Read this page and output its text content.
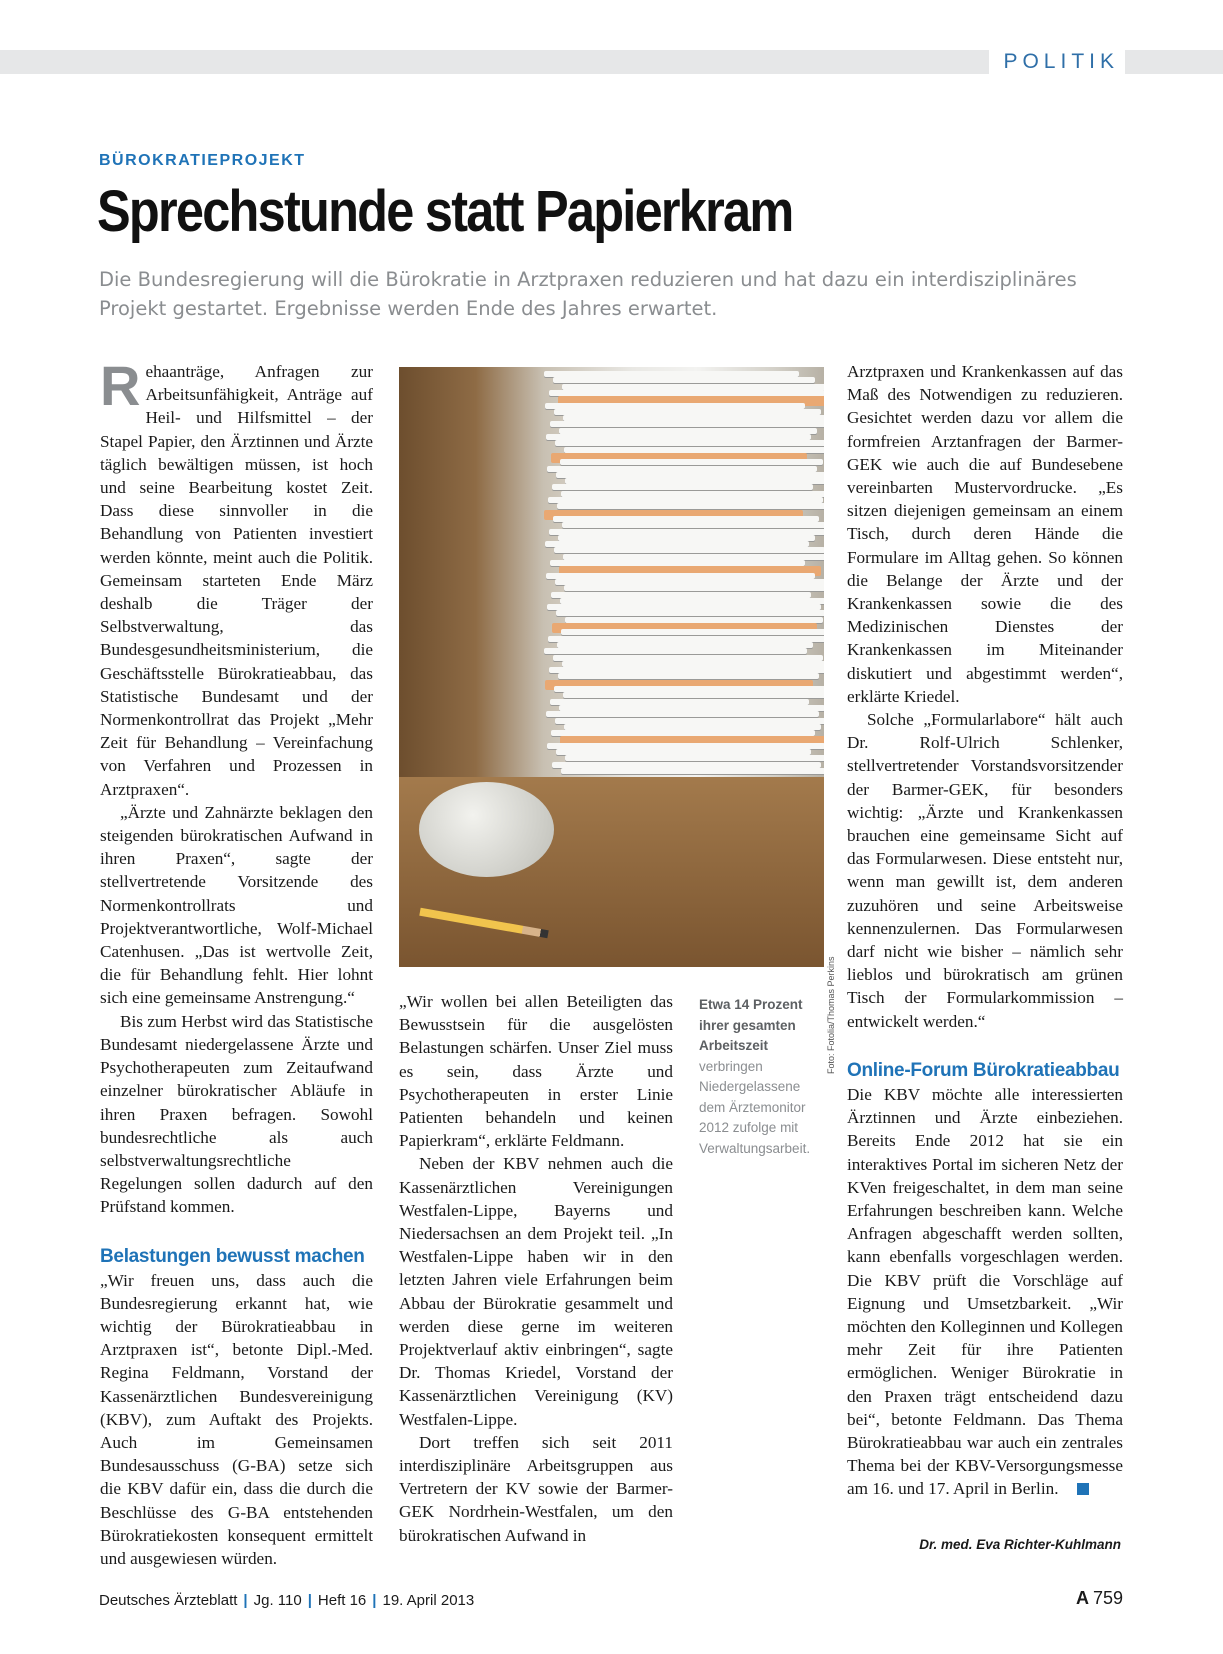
POLITIK
BÜROKRATIEPROJEKT
Sprechstunde statt Papierkram

Die Bundesregierung will die Bürokratie in Arztpraxen reduzieren und hat dazu ein interdisziplinäres Projekt gestartet. Ergebnisse werden Ende des Jahres erwartet.

Rehaanträge, Anfragen zur Arbeitsunfähigkeit, Anträge auf Heil- und Hilfsmittel – der Stapel Papier, den Ärztinnen und Ärzte täglich bewältigen müssen, ist hoch und seine Bearbeitung kostet Zeit. Dass diese sinnvoller in die Behandlung von Patienten investiert werden könnte, meint auch die Politik. Gemeinsam starteten Ende März deshalb die Träger der Selbstverwaltung, das Bundesgesundheitsministerium, die Geschäftsstelle Bürokratieabbau, das Statistische Bundesamt und der Normenkontrollrat das Projekt „Mehr Zeit für Behandlung – Vereinfachung von Verfahren und Prozessen in Arztpraxen“.

„Ärzte und Zahnärzte beklagen den steigenden bürokratischen Aufwand in ihren Praxen“, sagte der stellvertretende Vorsitzende des Normenkontrollrats und Projektverantwortliche, Wolf-Michael Catenhusen. „Das ist wertvolle Zeit, die für Behandlung fehlt. Hier lohnt sich eine gemeinsame Anstrengung.“

Bis zum Herbst wird das Statistische Bundesamt niedergelassene Ärzte und Psychotherapeuten zum Zeitaufwand einzelner bürokratischer Abläufe in ihren Praxen befragen. Sowohl bundesrechtliche als auch selbstverwaltungsrechtliche Regelungen sollen dadurch auf den Prüfstand kommen.

Belastungen bewusst machen

„Wir freuen uns, dass auch die Bundesregierung erkannt hat, wie wichtig der Bürokratieabbau in Arztpraxen ist“, betonte Dipl.-Med. Regina Feldmann, Vorstand der Kassenärztlichen Bundesvereinigung (KBV), zum Auftakt des Projekts. Auch im Gemeinsamen Bundesausschuss (G-BA) setze sich die KBV dafür ein, dass die durch die Beschlüsse des G-BA entstehenden Bürokratiekosten konsequent ermittelt und ausgewiesen würden.

Foto: Fotolia/Thomas Perkins
Etwa 14 Prozent ihrer gesamten Arbeitszeit verbringen Niedergelassene dem Ärztemonitor 2012 zufolge mit Verwaltungsarbeit.

„Wir wollen bei allen Beteiligten das Bewusstsein für die ausgelösten Belastungen schärfen. Unser Ziel muss es sein, dass Ärzte und Psychotherapeuten in erster Linie Patienten behandeln und keinen Papierkram“, erklärte Feldmann.

Neben der KBV nehmen auch die Kassenärztlichen Vereinigungen Westfalen-Lippe, Bayerns und Niedersachsen an dem Projekt teil. „In Westfalen-Lippe haben wir in den letzten Jahren viele Erfahrungen beim Abbau der Bürokratie gesammelt und werden diese gerne im weiteren Projektverlauf aktiv einbringen“, sagte Dr. Thomas Kriedel, Vorstand der Kassenärztlichen Vereinigung (KV) Westfalen-Lippe.

Dort treffen sich seit 2011 interdisziplinäre Arbeitsgruppen aus Vertretern der KV sowie der Barmer-GEK Nordrhein-Westfalen, um den bürokratischen Aufwand in

Arztpraxen und Krankenkassen auf das Maß des Notwendigen zu reduzieren. Gesichtet werden dazu vor allem die formfreien Arztanfragen der Barmer-GEK wie auch die auf Bundesebene vereinbarten Mustervordrucke. „Es sitzen diejenigen gemeinsam an einem Tisch, durch deren Hände die Formulare im Alltag gehen. So können die Belange der Ärzte und der Krankenkassen sowie die des Medizinischen Dienstes der Krankenkassen im Miteinander diskutiert und abgestimmt werden“, erklärte Kriedel.

Solche „Formularlabore“ hält auch Dr. Rolf-Ulrich Schlenker, stellvertretender Vorstandsvorsitzender der Barmer-GEK, für besonders wichtig: „Ärzte und Krankenkassen brauchen eine gemeinsame Sicht auf das Formularwesen. Diese entsteht nur, wenn man gewillt ist, dem anderen zuzuhören und seine Arbeitsweise kennenzulernen. Das Formularwesen darf nicht wie bisher – nämlich sehr lieblos und bürokratisch am grünen Tisch der Formularkommission – entwickelt werden.“

Online-Forum Bürokratieabbau

Die KBV möchte alle interessierten Ärztinnen und Ärzte einbeziehen. Bereits Ende 2012 hat sie ein interaktives Portal im sicheren Netz der KVen freigeschaltet, in dem man seine Erfahrungen beschreiben kann. Welche Anfragen abgeschafft werden sollten, kann ebenfalls vorgeschlagen werden. Die KBV prüft die Vorschläge auf Eignung und Umsetzbarkeit. „Wir möchten den Kolleginnen und Kollegen mehr Zeit für ihre Patienten ermöglichen. Weniger Bürokratie in den Praxen trägt entscheidend dazu bei“, betonte Feldmann. Das Thema Bürokratieabbau war auch ein zentrales Thema bei der KBV-Versorgungsmesse am 16. und 17. April in Berlin.

Dr. med. Eva Richter-Kuhlmann
Deutsches Ärzteblatt | Jg. 110 | Heft 16 | 19. April 2013	A 759
